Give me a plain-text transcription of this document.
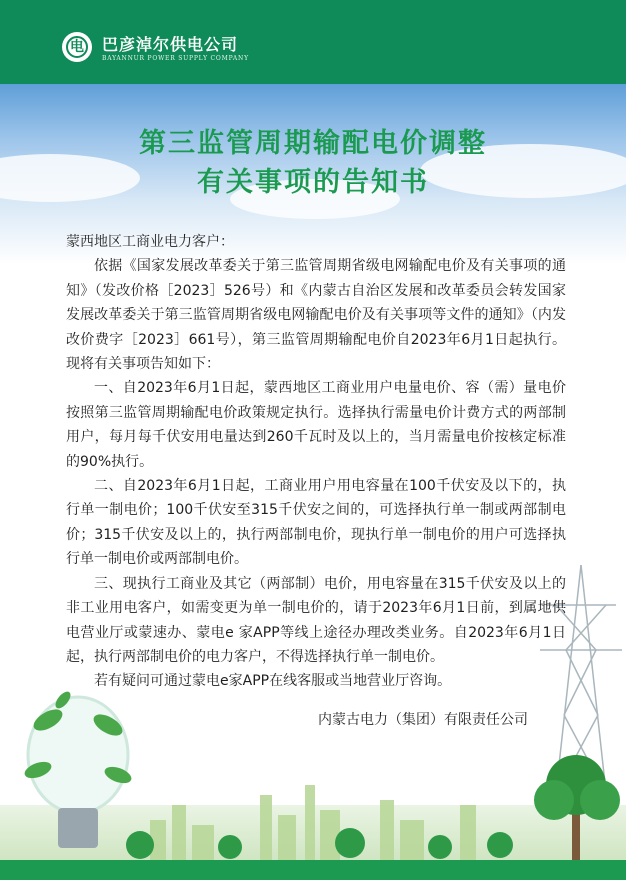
电	巴彦淖尔供电公司
BAYANNUR POWER SUPPLY COMPANY
第三监管周期输配电价调整
有关事项的告知书

蒙西地区工商业电力客户：

依据《国家发展改革委关于第三监管周期省级电网输配电价及有关事项的通知》（发改价格［2023］526号）和《内蒙古自治区发展和改革委员会转发国家发展改革委关于第三监管周期省级电网输配电价及有关事项等文件的通知》（内发改价费字［2023］661号），第三监管周期输配电价自2023年6月1日起执行。现将有关事项告知如下：

一、自2023年6月1日起，蒙西地区工商业用户电量电价、容（需）量电价按照第三监管周期输配电价政策规定执行。选择执行需量电价计费方式的两部制用户，每月每千伏安用电量达到260千瓦时及以上的，当月需量电价按核定标准的90%执行。

二、自2023年6月1日起，工商业用户用电容量在100千伏安及以下的，执行单一制电价；100千伏安至315千伏安之间的，可选择执行单一制或两部制电价；315千伏安及以上的，执行两部制电价，现执行单一制电价的用户可选择执行单一制电价或两部制电价。

三、现执行工商业及其它（两部制）电价，用电容量在315千伏安及以上的非工业用电客户，如需变更为单一制电价的，请于2023年6月1日前，到属地供电营业厅或蒙速办、蒙电e 家APP等线上途径办理改类业务。自2023年6月1日起，执行两部制电价的电力客户，不得选择执行单一制电价。

若有疑问可通过蒙电e家APP在线客服或当地营业厅咨询。

内蒙古电力（集团）有限责任公司
